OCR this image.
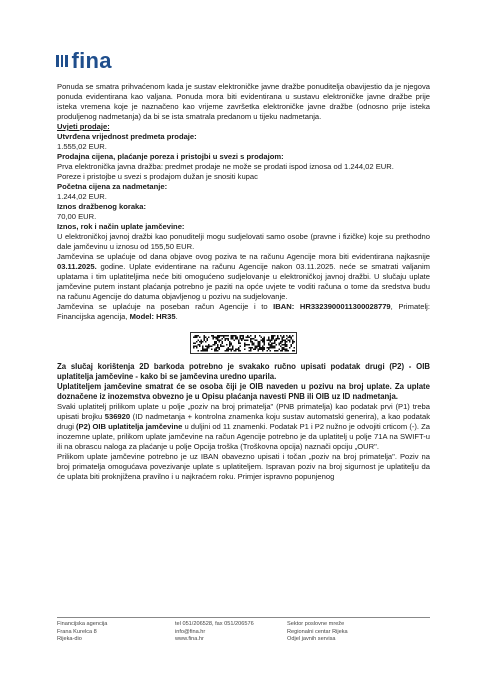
fina

Ponuda se smatra prihvaćenom kada je sustav elektroničke javne dražbe ponuditelja obavijestio da je njegova ponuda evidentirana kao valjana. Ponuda mora biti evidentirana u sustavu elektroničke javne dražbe prije isteka vremena koje je naznačeno kao vrijeme završetka elektroničke javne dražbe (odnosno prije isteka produljenog nadmetanja) da bi se ista smatrala predanom u tijeku nadmetanja.

Uvjeti prodaje:

Utvrđena vrijednost predmeta prodaje:

1.555,02 EUR.

Prodajna cijena, plaćanje poreza i pristojbi u svezi s prodajom:

Prva elektronička javna dražba: predmet prodaje ne može se prodati ispod iznosa od 1.244,02 EUR.

Poreze i pristojbe u svezi s prodajom dužan je snositi kupac

Početna cijena za nadmetanje:

1.244,02 EUR.

Iznos dražbenog koraka:

70,00 EUR.

Iznos, rok i način uplate jamčevine:

U elektroničkoj javnoj dražbi kao ponuditelji mogu sudjelovati samo osobe (pravne i fizičke) koje su prethodno dale jamčevinu u iznosu od 155,50 EUR.

Jamčevina se uplaćuje od dana objave ovog poziva te na računu Agencije mora biti evidentirana najkasnije 03.11.2025. godine. Uplate evidentirane na računu Agencije nakon 03.11.2025. neće se smatrati valjanim uplatama i tim uplatiteljima neće biti omogućeno sudjelovanje u elektroničkoj javnoj dražbi. U slučaju uplate jamčevine putem instant plaćanja potrebno je paziti na opće uvjete te voditi računa o tome da sredstva budu na računu Agencije do datuma objavljenog u pozivu na sudjelovanje.

Jamčevina se uplaćuje na poseban račun Agencije i to IBAN: HR3323900011300028779, Primatelj: Financijska agencija, Model: HR35.

Za slučaj korištenja 2D barkoda potrebno je svakako ručno upisati podatak drugi (P2) - OIB uplatitelja jamčevine - kako bi se jamčevina uredno uparila.

Uplatiteljem jamčevine smatrat će se osoba čiji je OIB naveden u pozivu na broj uplate. Za uplate doznačene iz inozemstva obvezno je u Opisu plaćanja navesti PNB ili OIB uz ID nadmetanja.

Svaki uplatitelj prilikom uplate u polje „poziv na broj primatelja" (PNB primatelja) kao podatak prvi (P1) treba upisati brojku 536920 (ID nadmetanja + kontrolna znamenka koju sustav automatski generira), a kao podatak drugi (P2) OIB uplatitelja jamčevine u duljini od 11 znamenki. Podatak P1 i P2 nužno je odvojiti crticom (-). Za inozemne uplate, prilikom uplate jamčevine na račun Agencije potrebno je da uplatitelj u polje 71A na SWIFT-u ili na obrascu naloga za plaćanje u polje Opcija troška (Troškovna opcija) naznači opciju „OUR".

Prilikom uplate jamčevine potrebno je uz IBAN obavezno upisati i točan „poziv na broj primatelja". Poziv na broj primatelja omogućava povezivanje uplate s uplatiteljem. Ispravan poziv na broj sigurnost je uplatitelju da će uplata biti proknjižena pravilno i u najkraćem roku. Primjer ispravno popunjenog

Financijska agencija
Frana Kurelca 8
Rijeka-dio
tel 051/206528, fax 051/206576
info@fina.hr
www.fina.hr
Sektor poslovne mreže
Regionalni centar Rijeka
Odjel javnih servisa
